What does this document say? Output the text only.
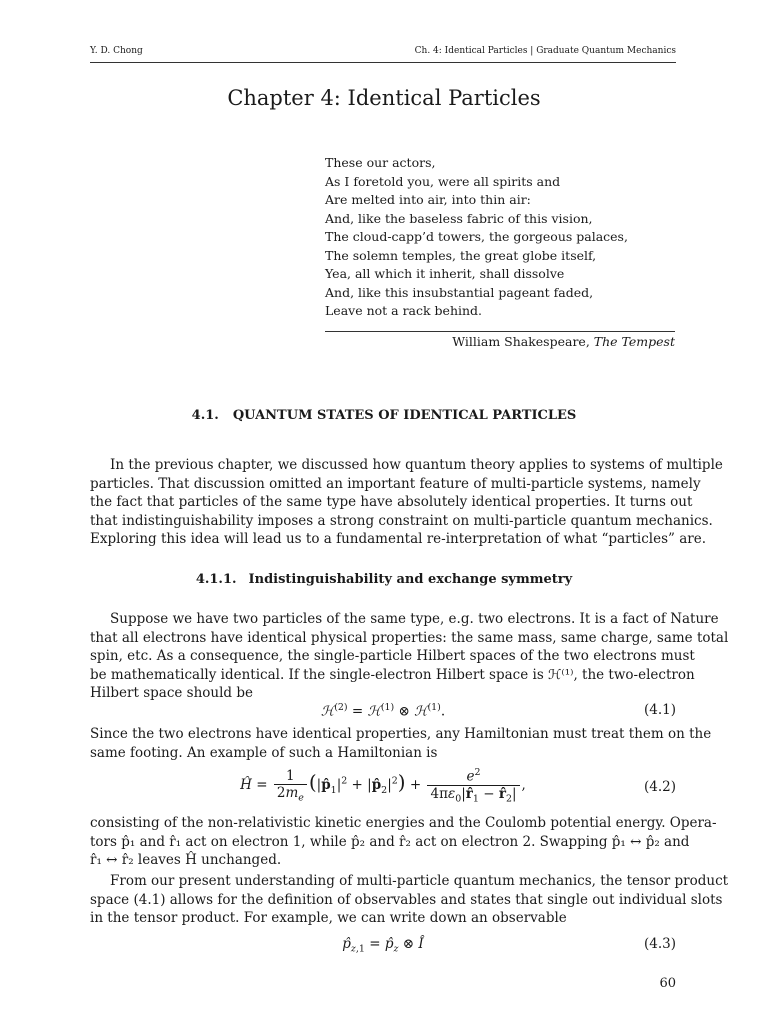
Y. D. Chong	Ch. 4: Identical Particles | Graduate Quantum Mechanics
Chapter 4: Identical Particles
These our actors,
As I foretold you, were all spirits and
Are melted into air, into thin air:
And, like the baseless fabric of this vision,
The cloud-capp’d towers, the gorgeous palaces,
The solemn temples, the great globe itself,
Yea, all which it inherit, shall dissolve
And, like this insubstantial pageant faded,
Leave not a rack behind.
William Shakespeare, The Tempest
4.1. QUANTUM STATES OF IDENTICAL PARTICLES
In the previous chapter, we discussed how quantum theory applies to systems of multiple
particles. That discussion omitted an important feature of multi-particle systems, namely
the fact that particles of the same type have absolutely identical properties. It turns out
that indistinguishability imposes a strong constraint on multi-particle quantum mechanics.
Exploring this idea will lead us to a fundamental re-interpretation of what “particles” are.
4.1.1. Indistinguishability and exchange symmetry
Suppose we have two particles of the same type, e.g. two electrons. It is a fact of Nature
that all electrons have identical physical properties: the same mass, same charge, same total
spin, etc. As a consequence, the single-particle Hilbert spaces of the two electrons must
be mathematically identical. If the single-electron Hilbert space is ℋ⁽¹⁾, the two-electron
Hilbert space should be
ℋ$^{(2)}$ = ℋ$^{(1)}$ ⊗ ℋ$^{(1)}$.	(4.1)
Since the two electrons have identical properties, any Hamiltonian must treat them on the
same footing. An example of such a Hamiltonian is
Ĥ = $\frac{1}{2m_e}$ ($|p̂_1|^2$ + $|p̂_2|^2) + \frac{e^2}{4\pi\varepsilon_0|r̂_1 - r̂_2|}$ ,	(4.2)
consisting of the non-relativistic kinetic energies and the Coulomb potential energy. Opera-
tors p̂₁ and r̂₁ act on electron 1, while p̂₂ and r̂₂ act on electron 2. Swapping p̂₁ ↔ p̂₂ and
r̂₁ ↔ r̂₂ leaves Ĥ unchanged.
From our present understanding of multi-particle quantum mechanics, the tensor product
space (4.1) allows for the definition of observables and states that single out individual slots
in the tensor product. For example, we can write down an observable
$p̂_{z,1}$ = $p̂_z$ ⊗ Î	(4.3)
60
